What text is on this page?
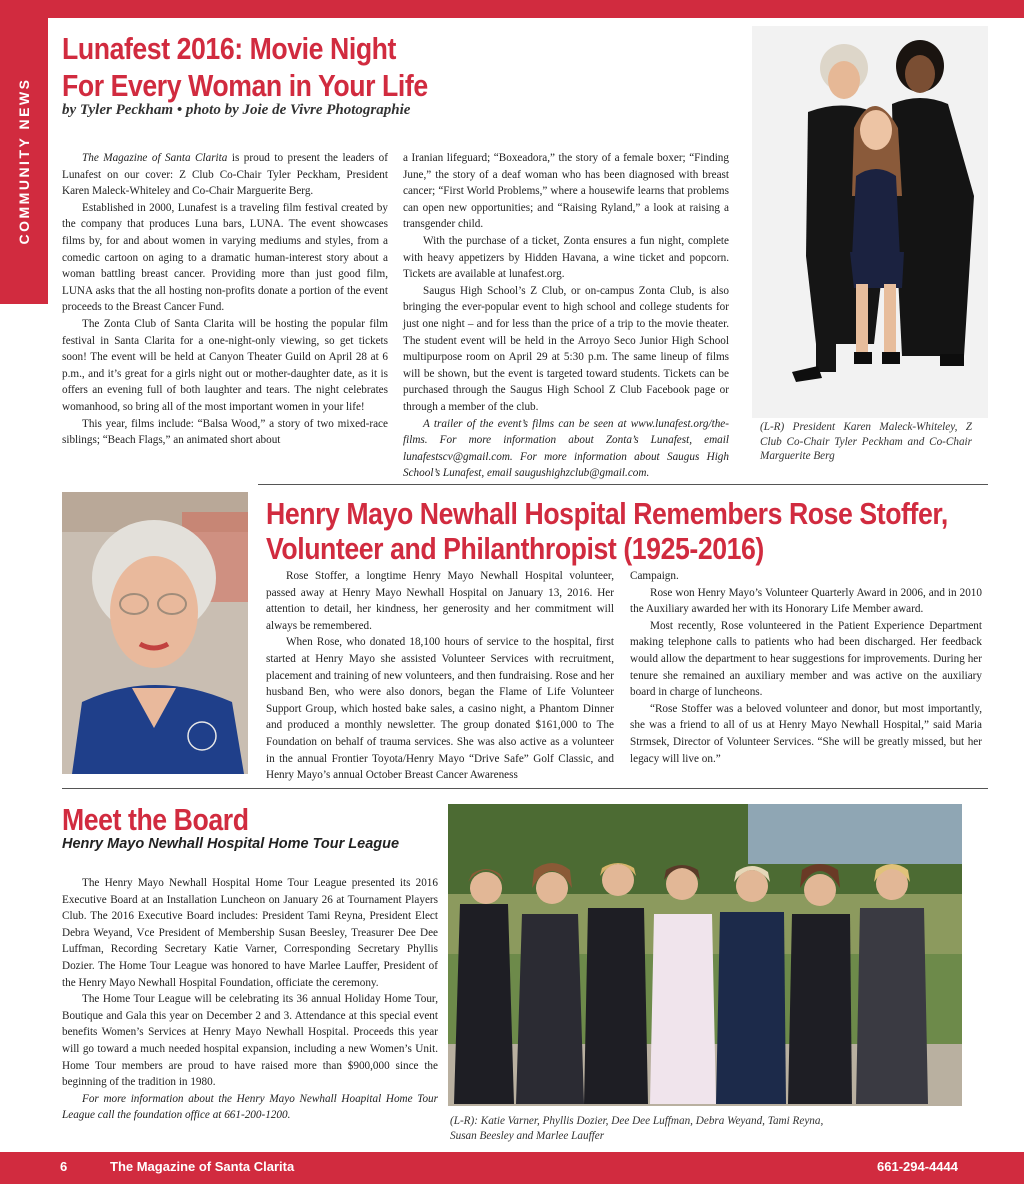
COMMUNITY NEWS
Lunafest 2016: Movie Night
For Every Woman in Your Life
by Tyler Peckham • photo by Joie de Vivre Photographie

The Magazine of Santa Clarita is proud to present the leaders of Lunafest on our cover: Z Club Co-Chair Tyler Peckham, President Karen Maleck-Whiteley and Co-Chair Marguerite Berg.

Established in 2000, Lunafest is a traveling film festival created by the company that produces Luna bars, LUNA. The event showcases films by, for and about women in varying mediums and styles, from a comedic cartoon on aging to a dramatic human-interest story about a woman battling breast cancer. Providing more than just good film, LUNA asks that the all hosting non-profits donate a portion of the event proceeds to the Breast Cancer Fund.

The Zonta Club of Santa Clarita will be hosting the popular film festival in Santa Clarita for a one-night-only viewing, so get tickets soon! The event will be held at Canyon Theater Guild on April 28 at 6 p.m., and it’s great for a girls night out or mother-daughter date, as it is offers an evening full of both laughter and tears. The night celebrates womanhood, so bring all of the most important women in your life!

This year, films include: “Balsa Wood,” a story of two mixed-race siblings; “Beach Flags,” an animated short about

a Iranian lifeguard; “Boxeadora,” the story of a female boxer; “Finding June,” the story of a deaf woman who has been diagnosed with breast cancer; “First World Problems,” where a housewife learns that problems can open new opportunities; and “Raising Ryland,” a look at raising a transgender child.

With the purchase of a ticket, Zonta ensures a fun night, complete with heavy appetizers by Hidden Havana, a wine ticket and popcorn. Tickets are available at lunafest.org.

Saugus High School’s Z Club, or on-campus Zonta Club, is also bringing the ever-popular event to high school and college students for just one night – and for less than the price of a trip to the movie theater. The student event will be held in the Arroyo Seco Junior High School multipurpose room on April 29 at 5:30 p.m. The same lineup of films will be shown, but the event is targeted toward students. Tickets can be purchased through the Saugus High School Z Club Facebook page or through a member of the club.

A trailer of the event’s films can be seen at www.lunafest.org/the-films. For more information about Zonta’s Lunafest, email lunafestscv@gmail.com. For more information about Saugus High School’s Lunafest, email saugushighzclub@gmail.com.

(L-R) President Karen Maleck-Whiteley, Z Club Co-Chair Tyler Peckham and Co-Chair Marguerite Berg
Henry Mayo Newhall Hospital Remembers Rose Stoffer,
Volunteer and Philanthropist (1925-2016)

Rose Stoffer, a longtime Henry Mayo Newhall Hospital volunteer, passed away at Henry Mayo Newhall Hospital on January 13, 2016. Her attention to detail, her kindness, her generosity and her commitment will always be remembered.

When Rose, who donated 18,100 hours of service to the hospital, first started at Henry Mayo she assisted Volunteer Services with recruitment, placement and training of new volunteers, and then fundraising. Rose and her husband Ben, who were also donors, began the Flame of Life Volunteer Support Group, which hosted bake sales, a casino night, a Phantom Dinner and produced a monthly newsletter. The group donated $161,000 to The Foundation on behalf of trauma services. She was also active as a volunteer in the annual Frontier Toyota/Henry Mayo “Drive Safe” Golf Classic, and Henry Mayo’s annual October Breast Cancer Awareness

Campaign.

Rose won Henry Mayo’s Volunteer Quarterly Award in 2006, and in 2010 the Auxiliary awarded her with its Honorary Life Member award.

Most recently, Rose volunteered in the Patient Experience Department making telephone calls to patients who had been discharged. Her feedback would allow the department to hear suggestions for improvements. During her tenure she remained an auxiliary member and was active on the auxiliary board in charge of luncheons.

“Rose Stoffer was a beloved volunteer and donor, but most importantly, she was a friend to all of us at Henry Mayo Newhall Hospital,” said Maria Strmsek, Director of Volunteer Services. “She will be greatly missed, but her legacy will live on.”

Meet the Board
Henry Mayo Newhall Hospital Home Tour League

The Henry Mayo Newhall Hospital Home Tour League presented its 2016 Executive Board at an Installation Luncheon on January 26 at Tournament Players Club. The 2016 Executive Board includes: President Tami Reyna, President Elect Debra Weyand, Vce President of Membership Susan Beesley, Treasurer Dee Dee Luffman, Recording Secretary Katie Varner, Corresponding Secretary Phyllis Dozier. The Home Tour League was honored to have Marlee Lauffer, President of the Henry Mayo Newhall Hospital Foundation, officiate the ceremony.

The Home Tour League will be celebrating its 36 annual Holiday Home Tour, Boutique and Gala this year on December 2 and 3. Attendance at this special event benefits Women’s Services at Henry Mayo Newhall Hospital. Proceeds this year will go toward a much needed hospital expansion, including a new Women’s Unit. Home Tour members are proud to have raised more than $900,000 since the beginning of the tradition in 1980.

For more information about the Henry Mayo Newhall Hoapital Home Tour League call the foundation office at 661-200-1200.	(L-R): Katie Varner, Phyllis Dozier, Dee Dee Luffman, Debra Weyand, Tami Reyna,
Susan Beesley and Marlee Lauffer
6	The Magazine of Santa Clarita	661-294-4444
